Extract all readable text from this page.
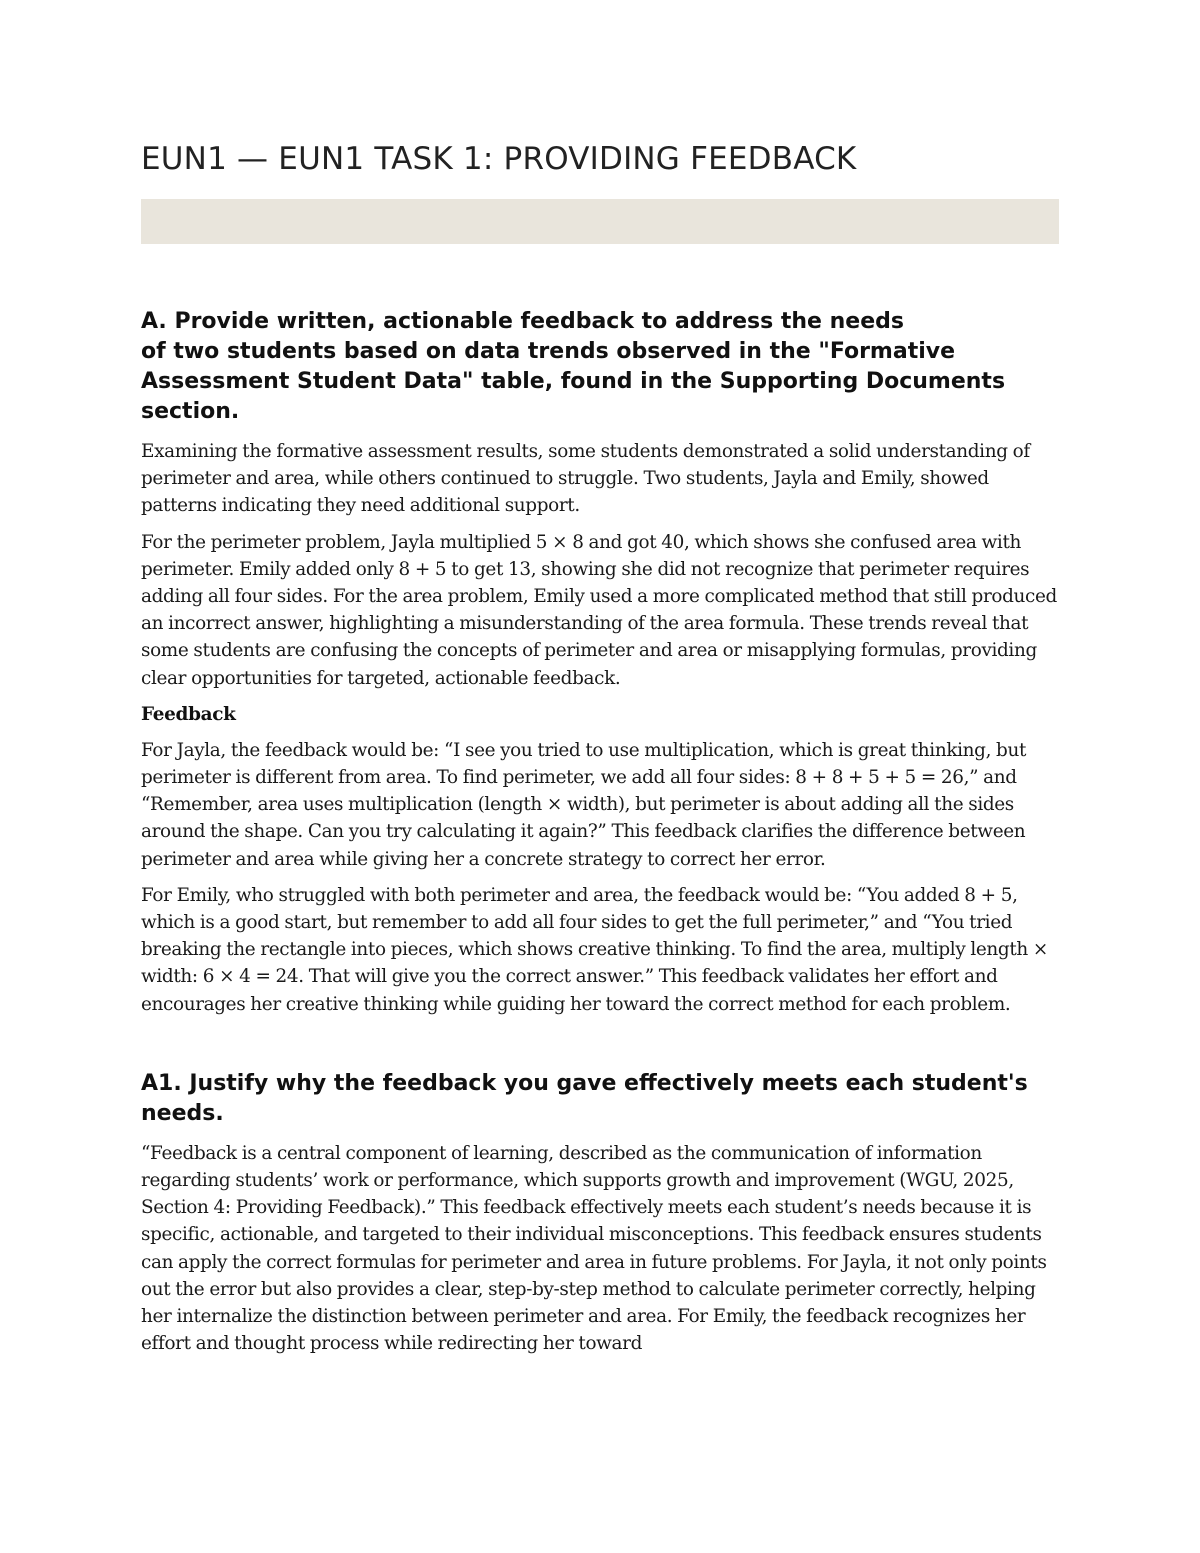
EUN1 — EUN1 TASK 1: PROVIDING FEEDBACK
A. Provide written, actionable feedback to address the needs
of two students based on data trends observed in the "Formative Assessment Student Data" table, found in the Supporting Documents section.

Examining the formative assessment results, some students demonstrated a solid understanding of perimeter and area, while others continued to struggle. Two students, Jayla and Emily, showed patterns indicating they need additional support.

For the perimeter problem, Jayla multiplied 5 × 8 and got 40, which shows she confused area with perimeter. Emily added only 8 + 5 to get 13, showing she did not recognize that perimeter requires adding all four sides. For the area problem, Emily used a more complicated method that still produced an incorrect answer, highlighting a misunderstanding of the area formula. These trends reveal that some students are confusing the concepts of perimeter and area or misapplying formulas, providing clear opportunities for targeted, actionable feedback.

Feedback

For Jayla, the feedback would be: “I see you tried to use multiplication, which is great thinking, but perimeter is different from area. To find perimeter, we add all four sides: 8 + 8 + 5 + 5 = 26,” and “Remember, area uses multiplication (length × width), but perimeter is about adding all the sides around the shape. Can you try calculating it again?” This feedback clarifies the difference between perimeter and area while giving her a concrete strategy to correct her error.

For Emily, who struggled with both perimeter and area, the feedback would be: “You added 8 + 5, which is a good start, but remember to add all four sides to get the full perimeter,” and “You tried breaking the rectangle into pieces, which shows creative thinking. To find the area, multiply length × width: 6 × 4 = 24. That will give you the correct answer.” This feedback validates her effort and encourages her creative thinking while guiding her toward the correct method for each problem.

A1. Justify why the feedback you gave effectively meets each student's needs.

“Feedback is a central component of learning, described as the communication of information regarding students’ work or performance, which supports growth and improvement (WGU, 2025, Section 4: Providing Feedback).” This feedback effectively meets each student’s needs because it is specific, actionable, and targeted to their individual misconceptions. This feedback ensures students can apply the correct formulas for perimeter and area in future problems. For Jayla, it not only points out the error but also provides a clear, step-by-step method to calculate perimeter correctly, helping her internalize the distinction between perimeter and area. For Emily, the feedback recognizes her effort and thought process while redirecting her toward
